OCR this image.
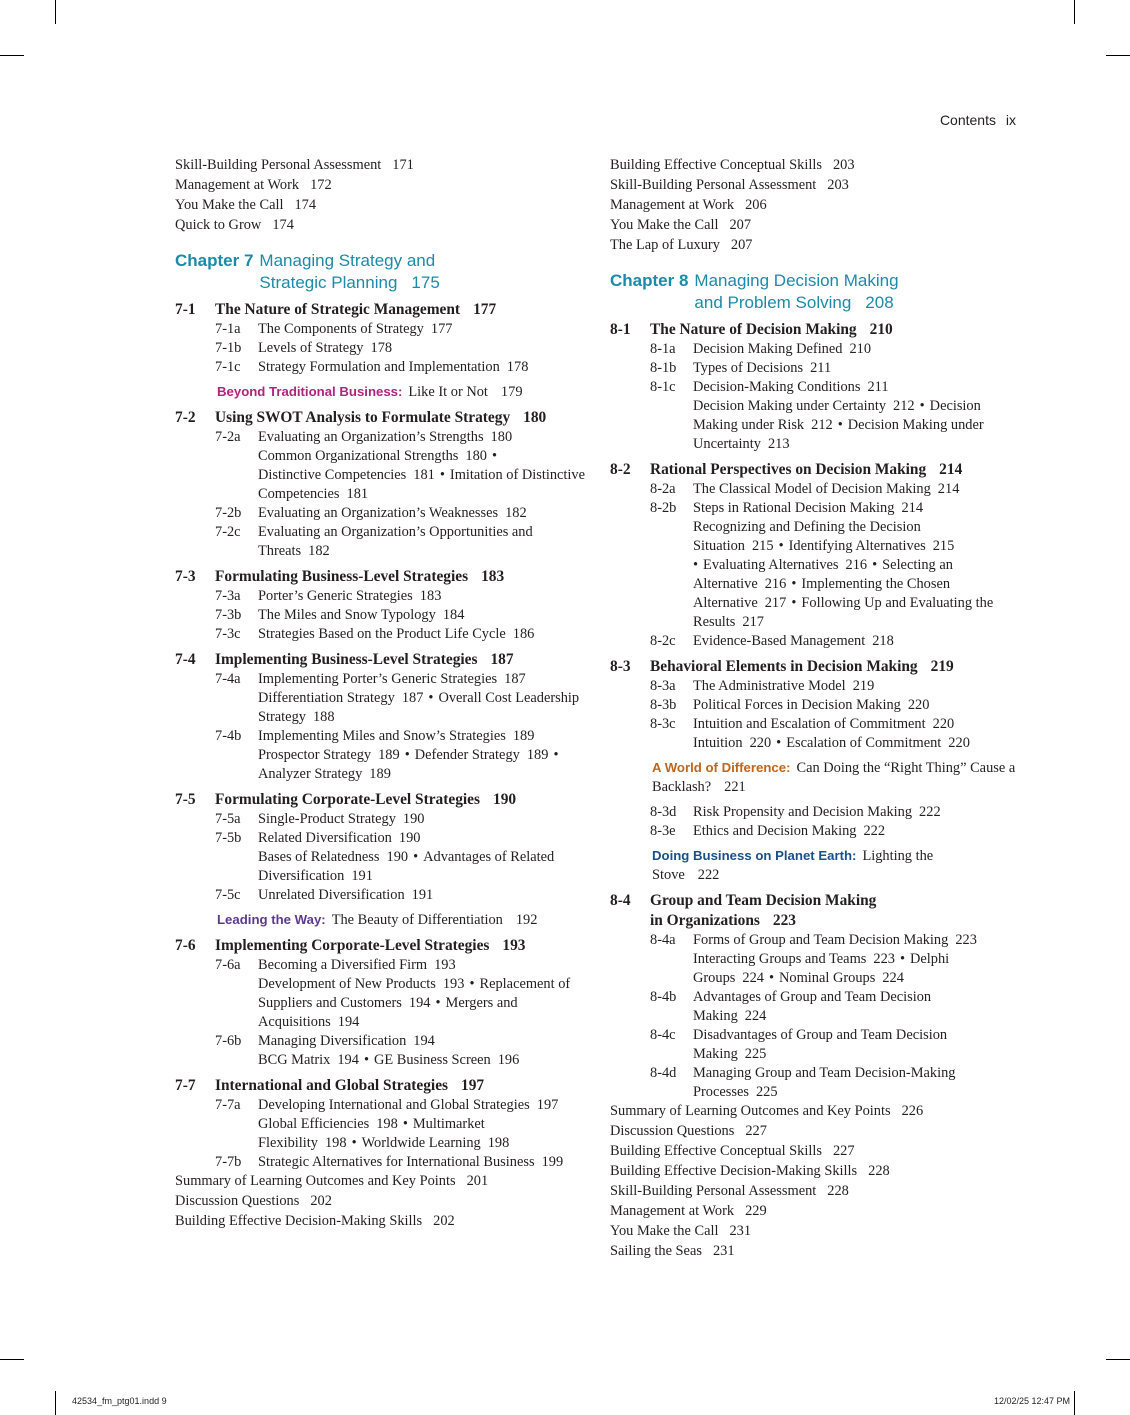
Contents ix
Skill-Building Personal Assessment 171
Management at Work 172
You Make the Call 174
Quick to Grow 174
Chapter 7 Managing Strategy and
Strategic Planning 175
7-1	The Nature of Strategic Management 177
7-1a	The Components of Strategy 177
7-1b	Levels of Strategy 178
7-1c	Strategy Formulation and Implementation 178
Beyond Traditional Business: Like It or Not 179
7-2	Using SWOT Analysis to Formulate Strategy 180
7-2a	Evaluating an Organization’s Strengths 180
Common Organizational Strengths 180 •
Distinctive Competencies 181 • Imitation of Distinctive Competencies 181
7-2b	Evaluating an Organization’s Weaknesses 182
7-2c	Evaluating an Organization’s Opportunities and Threats 182
7-3	Formulating Business-Level Strategies 183
7-3a	Porter’s Generic Strategies 183
7-3b	The Miles and Snow Typology 184
7-3c	Strategies Based on the Product Life Cycle 186
7-4	Implementing Business-Level Strategies 187
7-4a	Implementing Porter’s Generic Strategies 187
Differentiation Strategy 187 • Overall Cost Leadership Strategy 188
7-4b	Implementing Miles and Snow’s Strategies 189
Prospector Strategy 189 • Defender Strategy 189 •
Analyzer Strategy 189
7-5	Formulating Corporate-Level Strategies 190
7-5a	Single-Product Strategy 190
7-5b	Related Diversification 190
Bases of Relatedness 190 • Advantages of Related Diversification 191
7-5c	Unrelated Diversification 191
Leading the Way: The Beauty of Differentiation 192
7-6	Implementing Corporate-Level Strategies 193
7-6a	Becoming a Diversified Firm 193
Development of New Products 193 • Replacement of Suppliers and Customers 194 • Mergers and Acquisitions 194
7-6b	Managing Diversification 194
BCG Matrix 194 • GE Business Screen 196
7-7	International and Global Strategies 197
7-7a	Developing International and Global Strategies 197
Global Efficiencies 198 • Multimarket Flexibility 198 • Worldwide Learning 198
7-7b	Strategic Alternatives for International Business 199
Summary of Learning Outcomes and Key Points 201
Discussion Questions 202
Building Effective Decision-Making Skills 202
Building Effective Conceptual Skills 203
Skill-Building Personal Assessment 203
Management at Work 206
You Make the Call 207
The Lap of Luxury 207
Chapter 8 Managing Decision Making
and Problem Solving 208
8-1	The Nature of Decision Making 210
8-1a	Decision Making Defined 210
8-1b	Types of Decisions 211
8-1c	Decision-Making Conditions 211
Decision Making under Certainty 212 • Decision Making under Risk 212 • Decision Making under Uncertainty 213
8-2	Rational Perspectives on Decision Making 214
8-2a	The Classical Model of Decision Making 214
8-2b	Steps in Rational Decision Making 214
Recognizing and Defining the Decision Situation 215 • Identifying Alternatives 215
• Evaluating Alternatives 216 • Selecting an Alternative 216 • Implementing the Chosen Alternative 217 • Following Up and Evaluating the Results 217
8-2c	Evidence-Based Management 218
8-3	Behavioral Elements in Decision Making 219
8-3a	The Administrative Model 219
8-3b	Political Forces in Decision Making 220
8-3c	Intuition and Escalation of Commitment 220
Intuition 220 • Escalation of Commitment 220
A World of Difference: Can Doing the “Right Thing” Cause a Backlash? 221
8-3d	Risk Propensity and Decision Making 222
8-3e	Ethics and Decision Making 222
Doing Business on Planet Earth: Lighting the Stove 222
8-4	Group and Team Decision Making
in Organizations 223
8-4a	Forms of Group and Team Decision Making 223
Interacting Groups and Teams 223 • Delphi Groups 224 • Nominal Groups 224
8-4b	Advantages of Group and Team Decision Making 224
8-4c	Disadvantages of Group and Team Decision Making 225
8-4d	Managing Group and Team Decision-Making Processes 225
Summary of Learning Outcomes and Key Points 226
Discussion Questions 227
Building Effective Conceptual Skills 227
Building Effective Decision-Making Skills 228
Skill-Building Personal Assessment 228
Management at Work 229
You Make the Call 231
Sailing the Seas 231
42534_fm_ptg01.indd 9	12/02/25 12:47 PM
